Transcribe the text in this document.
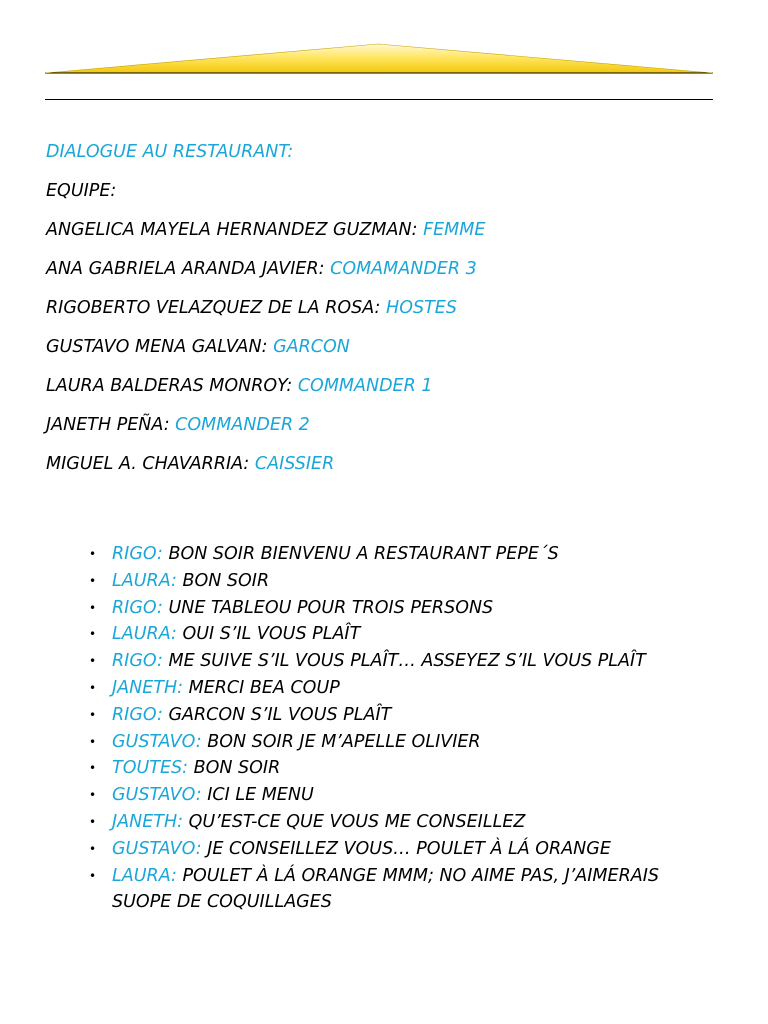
DIALOGUE AU RESTAURANT:
EQUIPE:
ANGELICA MAYELA HERNANDEZ GUZMAN: FEMME
ANA GABRIELA ARANDA JAVIER: COMAMANDER 3
RIGOBERTO VELAZQUEZ DE LA ROSA: HOSTES
GUSTAVO MENA GALVAN: GARCON
LAURA BALDERAS MONROY: COMMANDER 1
JANETH PEÑA: COMMANDER 2
MIGUEL A. CHAVARRIA: CAISSIER
• RIGO: BON SOIR BIENVENU A RESTAURANT PEPE´S
• LAURA: BON SOIR
• RIGO: UNE TABLEOU POUR TROIS PERSONS
• LAURA: OUI S’IL VOUS PLAÎT
• RIGO: ME SUIVE S’IL VOUS PLAÎT… ASSEYEZ S’IL VOUS PLAÎT
• JANETH: MERCI BEA COUP
• RIGO: GARCON S’IL VOUS PLAÎT
• GUSTAVO: BON SOIR JE M’APELLE OLIVIER
• TOUTES: BON SOIR
• GUSTAVO: ICI LE MENU
• JANETH: QU’EST-CE QUE VOUS ME CONSEILLEZ
• GUSTAVO: JE CONSEILLEZ VOUS… POULET À LÁ ORANGE
• LAURA: POULET À LÁ ORANGE MMM; NO AIME PAS, J’AIMERAIS SUOPE DE COQUILLAGES
